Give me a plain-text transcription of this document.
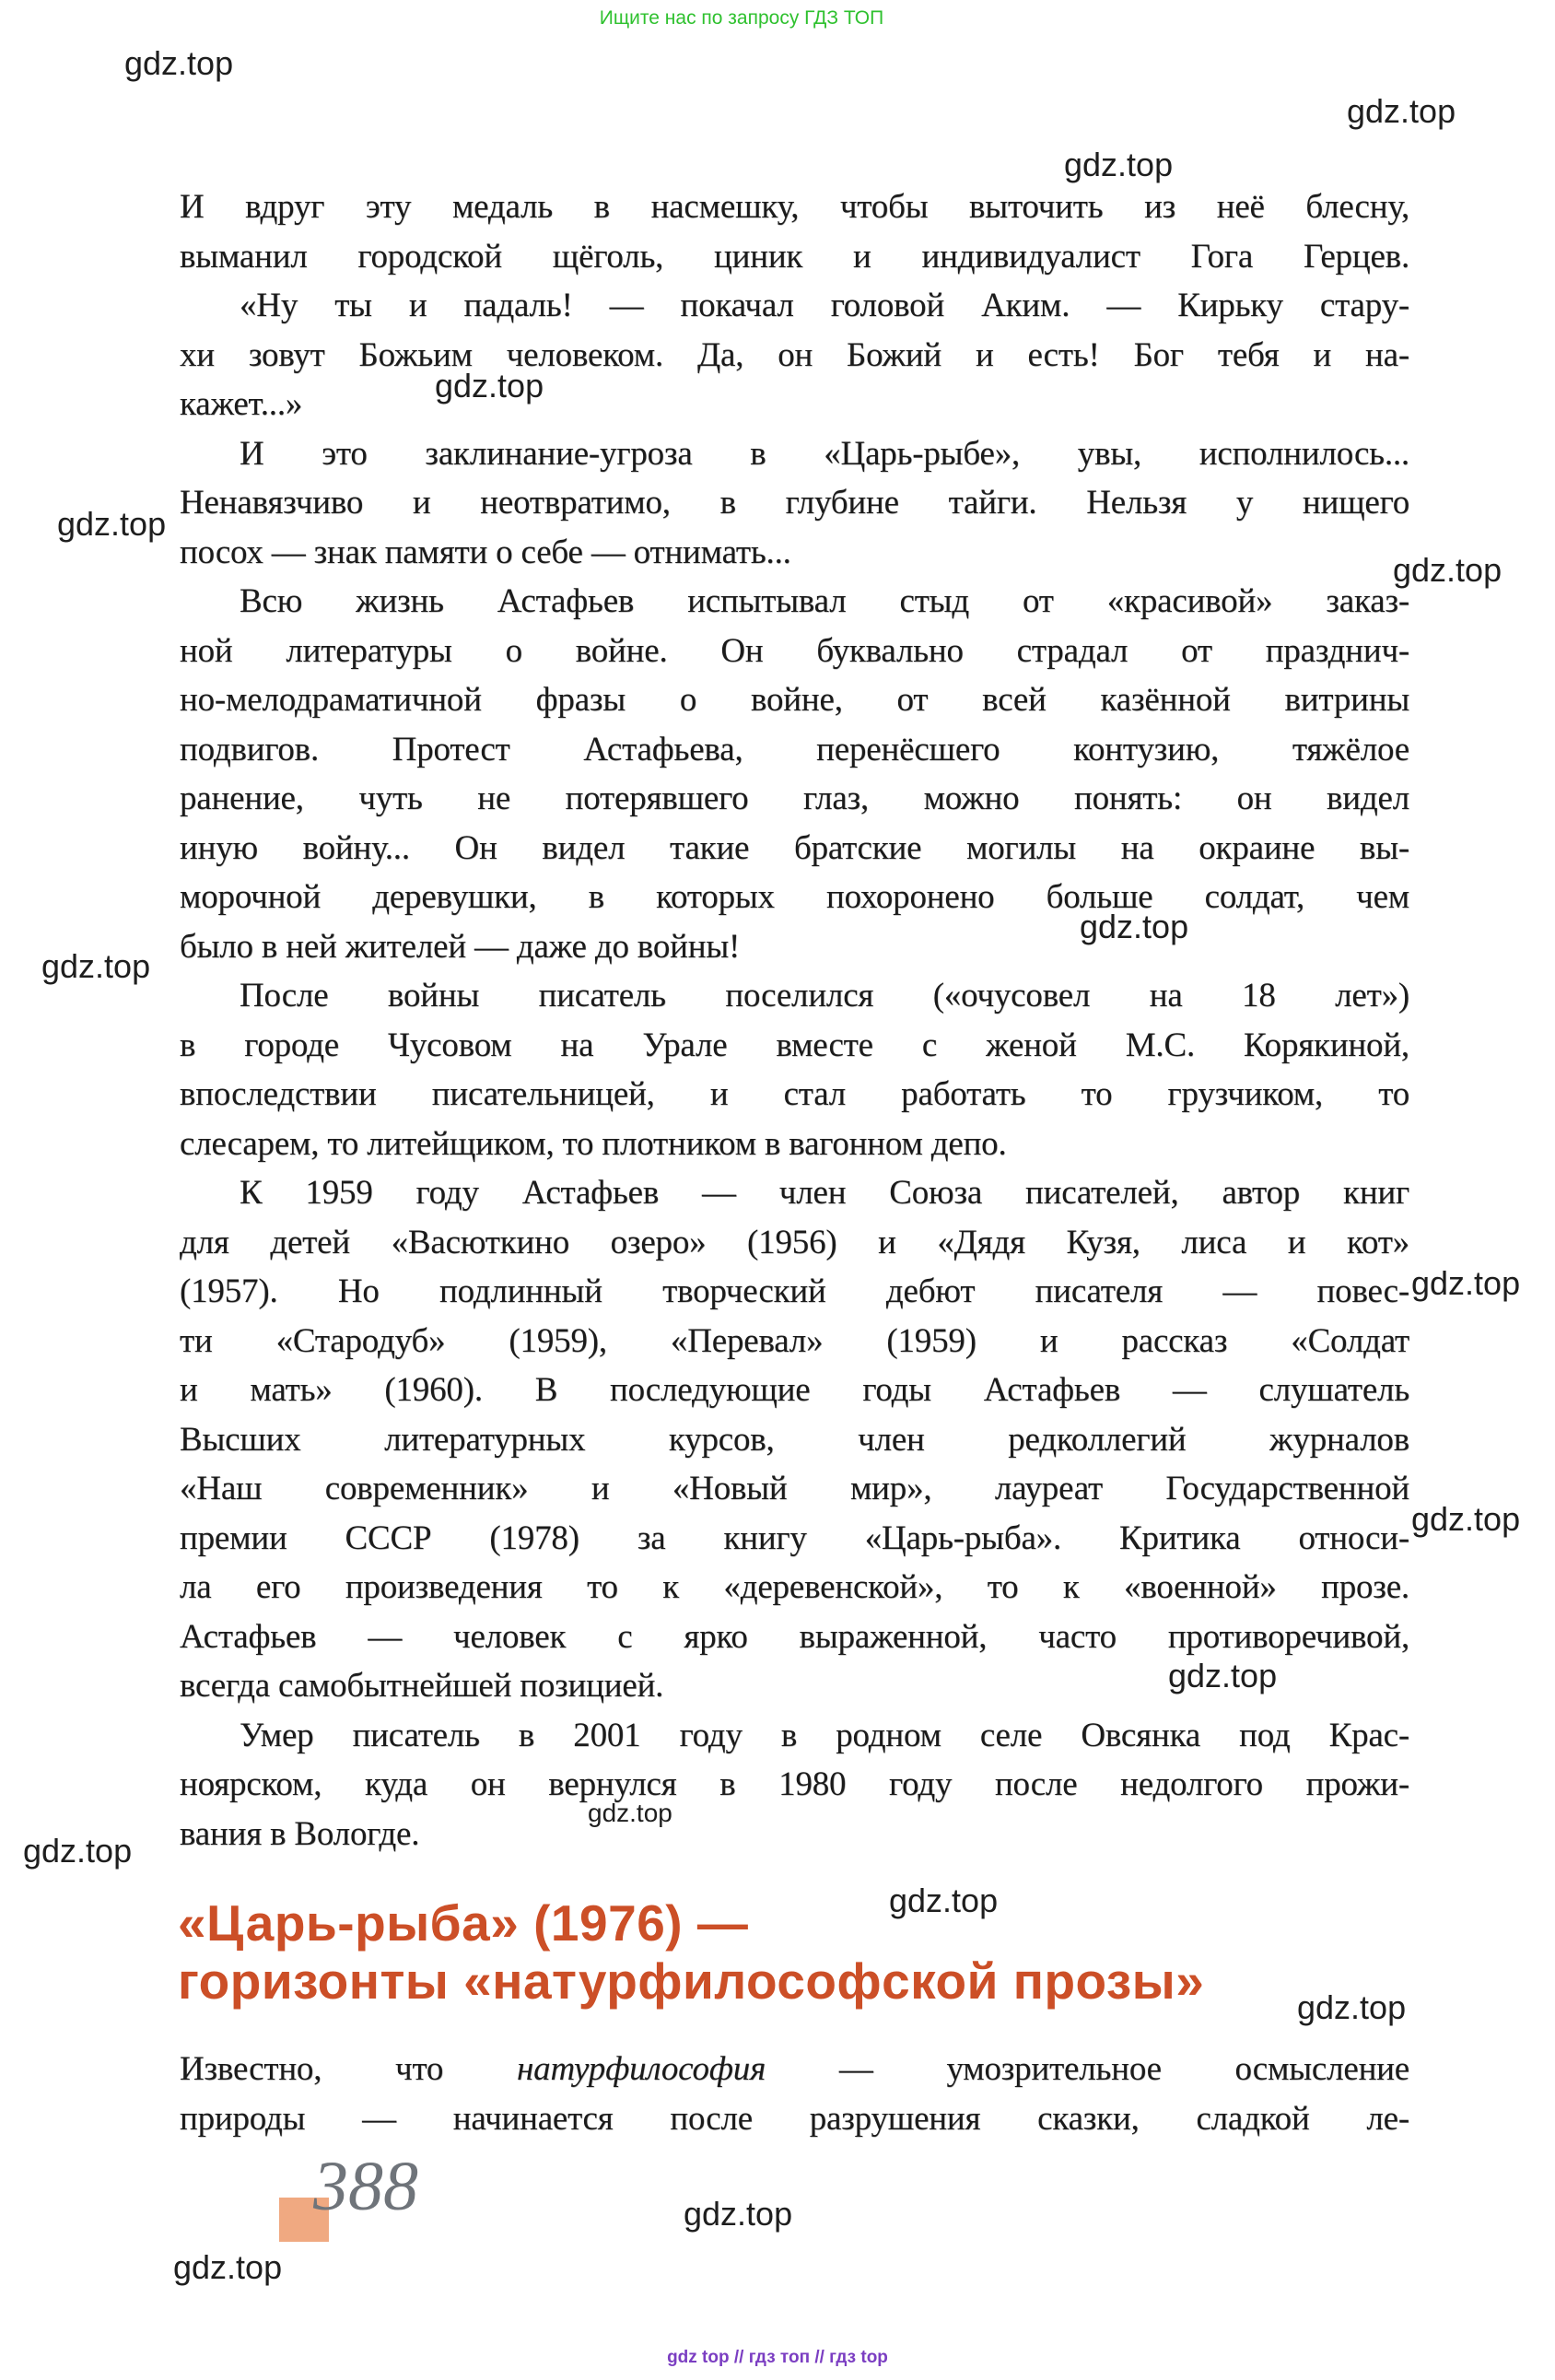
Ищите нас по запросу ГДЗ ТОП
gdz.top
gdz.top
gdz.top
gdz.top
gdz.top
gdz.top
gdz.top
gdz.top
gdz.top
gdz.top
gdz.top
gdz.top
gdz.top
gdz.top
gdz.top
gdz.top
gdz.top
И вдруг эту медаль в насмешку, чтобы выточить из неё блесну,
выманил городской щёголь, циник и индивидуалист Гога Герцев.
«Ну ты и падаль! — покачал головой Аким. — Кирьку стару-
хи зовут Божьим человеком. Да, он Божий и есть! Бог тебя и на-
кажет...»
И это заклинание-угроза в «Царь-рыбе», увы, исполнилось...
Ненавязчиво и неотвратимо, в глубине тайги. Нельзя у нищего
посох — знак памяти о себе — отнимать...
Всю жизнь Астафьев испытывал стыд от «красивой» заказ-
ной литературы о войне. Он буквально страдал от празднич-
но-мелодраматичной фразы о войне, от всей казённой витрины
подвигов. Протест Астафьева, перенёсшего контузию, тяжёлое
ранение, чуть не потерявшего глаз, можно понять: он видел
иную войну... Он видел такие братские могилы на окраине вы-
морочной деревушки, в которых похоронено больше солдат, чем
было в ней жителей — даже до войны!
После войны писатель поселился («очусовел на 18 лет»)
в городе Чусовом на Урале вместе с женой М.С. Корякиной,
впоследствии писательницей, и стал работать то грузчиком, то
слесарем, то литейщиком, то плотником в вагонном депо.
К 1959 году Астафьев — член Союза писателей, автор книг
для детей «Васюткино озеро» (1956) и «Дядя Кузя, лиса и кот»
(1957). Но подлинный творческий дебют писателя — повес-
ти «Стародуб» (1959), «Перевал» (1959) и рассказ «Солдат
и мать» (1960). В последующие годы Астафьев — слушатель
Высших литературных курсов, член редколлегий журналов
«Наш современник» и «Новый мир», лауреат Государственной
премии СССР (1978) за книгу «Царь-рыба». Критика относи-
ла его произведения то к «деревенской», то к «военной» прозе.
Астафьев — человек с ярко выраженной, часто противоречивой,
всегда самобытнейшей позицией.
Умер писатель в 2001 году в родном селе Овсянка под Крас-
ноярском, куда он вернулся в 1980 году после недолгого прожи-
вания в Вологде.
«Царь-рыба» (1976) —
горизонты «натурфилософской прозы»
Известно, что натурфилософия — умозрительное осмысление
природы — начинается после разрушения сказки, сладкой ле-
388
gdz top // гдз топ // гдз top
